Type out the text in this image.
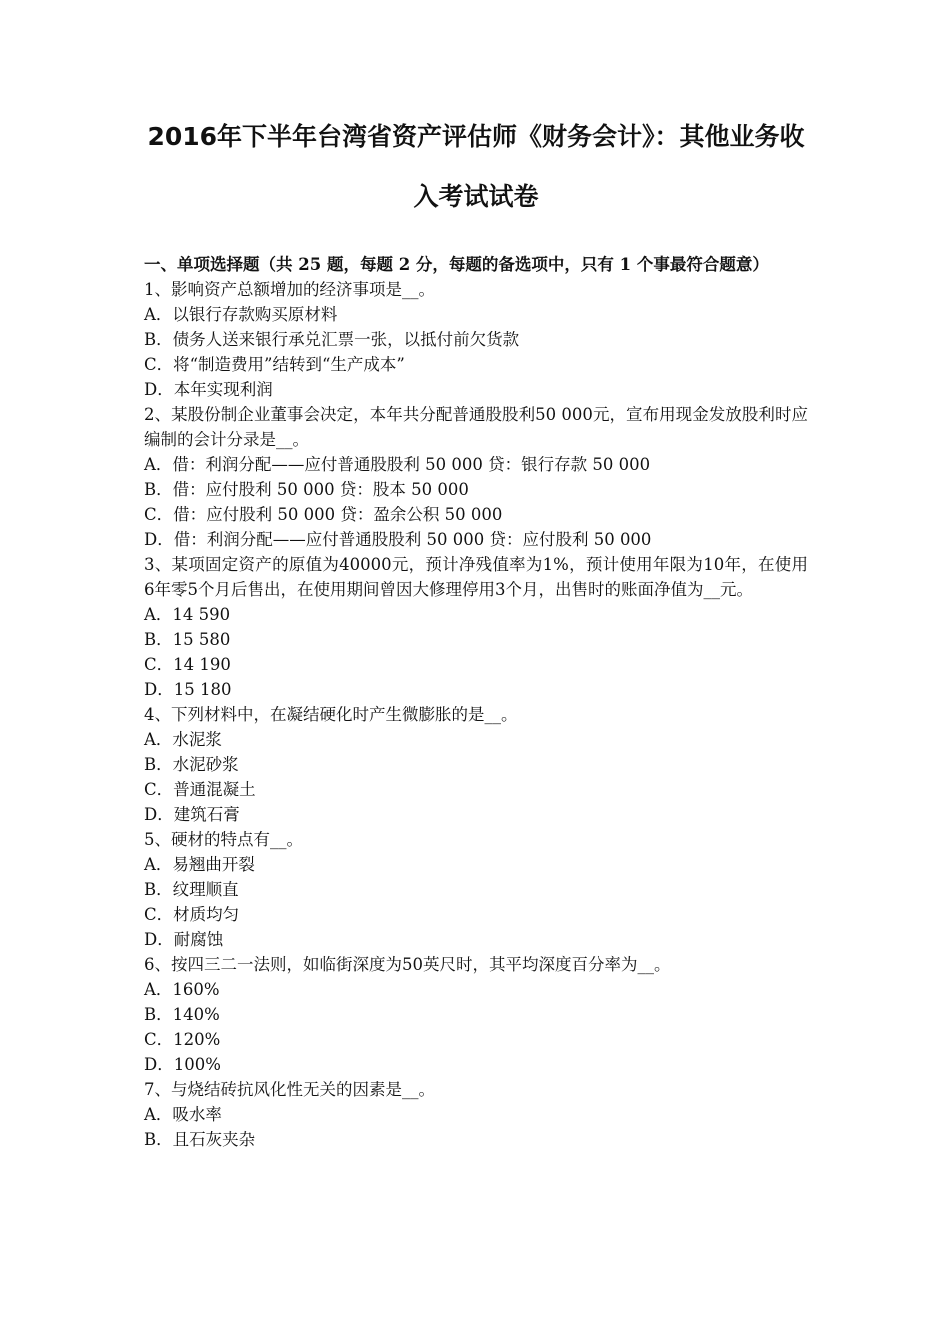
2016年下半年台湾省资产评估师《财务会计》：其他业务收
入考试试卷
一、单项选择题（共 25 题，每题 2 分，每题的备选项中，只有 1 个事最符合题意）
1、影响资产总额增加的经济事项是__。
A．以银行存款购买原材料
B．债务人送来银行承兑汇票一张，以抵付前欠货款
C．将“制造费用”结转到“生产成本”
D．本年实现利润
2、某股份制企业董事会决定，本年共分配普通股股利50 000元，宣布用现金发放股利时应编制的会计分录是__。
A．借：利润分配——应付普通股股利 50 000 贷：银行存款 50 000
B．借：应付股利 50 000 贷：股本 50 000
C．借：应付股利 50 000 贷：盈余公积 50 000
D．借：利润分配——应付普通股股利 50 000 贷：应付股利 50 000
3、某项固定资产的原值为40000元，预计净残值率为1%，预计使用年限为10年，在使用6年零5个月后售出，在使用期间曾因大修理停用3个月，出售时的账面净值为__元。
A．14 590
B．15 580
C．14 190
D．15 180
4、下列材料中，在凝结硬化时产生微膨胀的是__。
A．水泥浆
B．水泥砂浆
C．普通混凝土
D．建筑石膏
5、硬材的特点有__。
A．易翘曲开裂
B．纹理顺直
C．材质均匀
D．耐腐蚀
6、按四三二一法则，如临街深度为50英尺时，其平均深度百分率为__。
A．160%
B．140%
C．120%
D．100%
7、与烧结砖抗风化性无关的因素是__。
A．吸水率
B．且石灰夹杂
